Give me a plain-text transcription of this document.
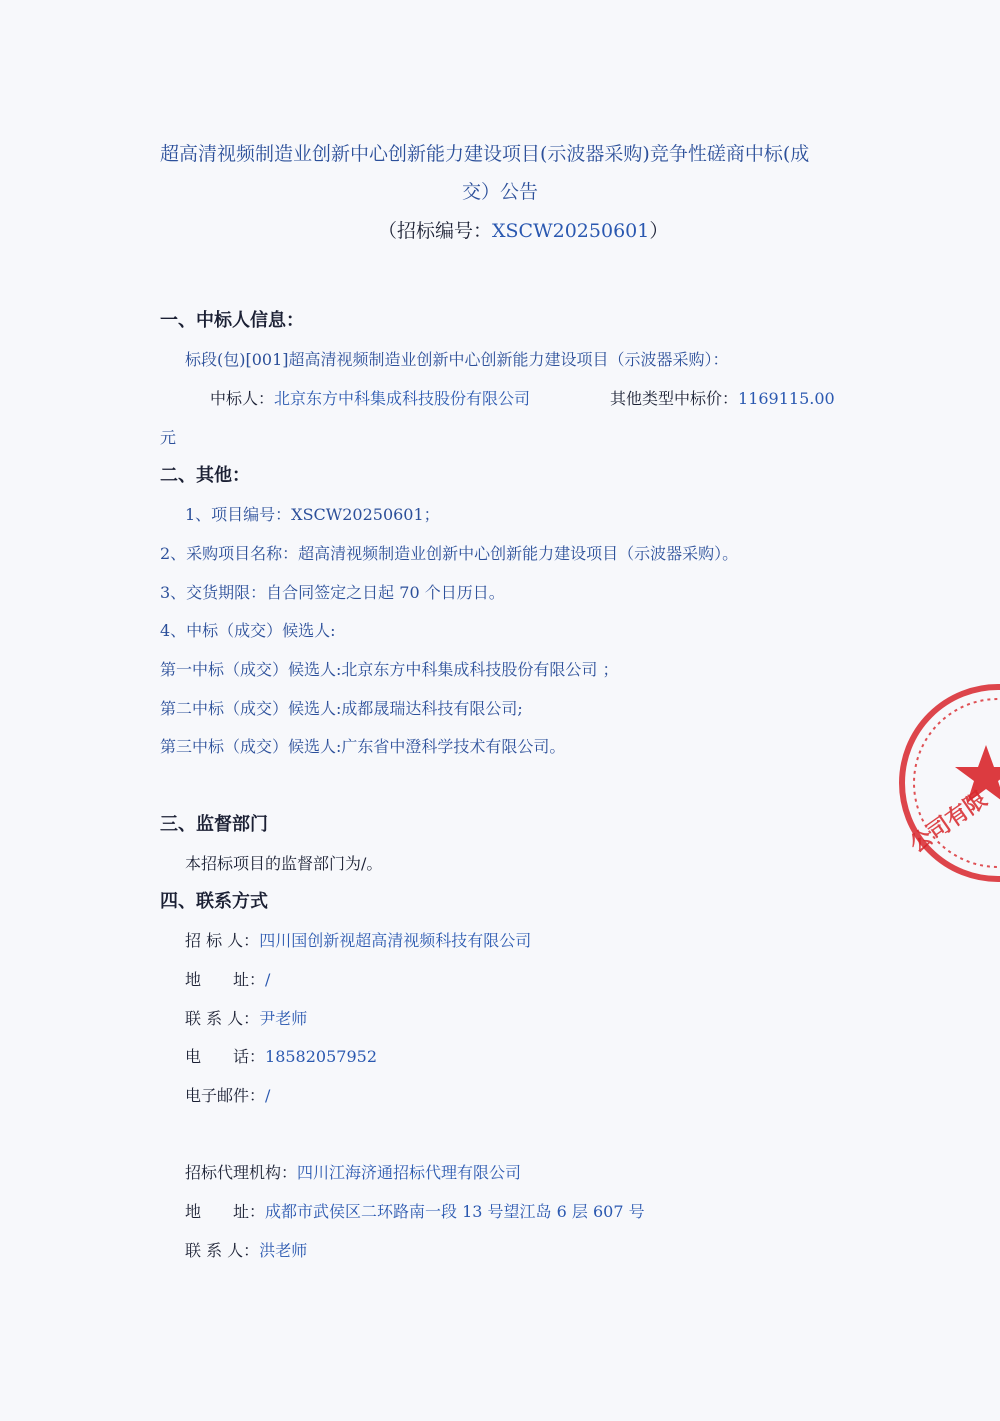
超高清视频制造业创新中心创新能力建设项目(示波器采购)竞争性磋商中标(成
交）公告
（招标编号：XSCW20250601）
一、中标人信息：
标段(包)[001]超高清视频制造业创新中心创新能力建设项目（示波器采购）：
中标人：北京东方中科集成科技股份有限公司	其他类型中标价：1169115.00
元
二、其他：
1、项目编号：XSCW20250601；
2、采购项目名称：超高清视频制造业创新中心创新能力建设项目（示波器采购）。
3、交货期限：自合同签定之日起 70 个日历日。
4、中标（成交）候选人:
第一中标（成交）候选人:北京东方中科集成科技股份有限公司 ；
第二中标（成交）候选人:成都晟瑞达科技有限公司;
第三中标（成交）候选人:广东省中澄科学技术有限公司。
三、监督部门
本招标项目的监督部门为/。
四、联系方式
招 标 人：四川国创新视超高清视频科技有限公司
地　　址：/
联 系 人：尹老师
电　　话：18582057952
电子邮件：/
招标代理机构：四川江海济通招标代理有限公司
地　　址：成都市武侯区二环路南一段 13 号望江岛 6 层 607 号
联 系 人：洪老师
公司有限
